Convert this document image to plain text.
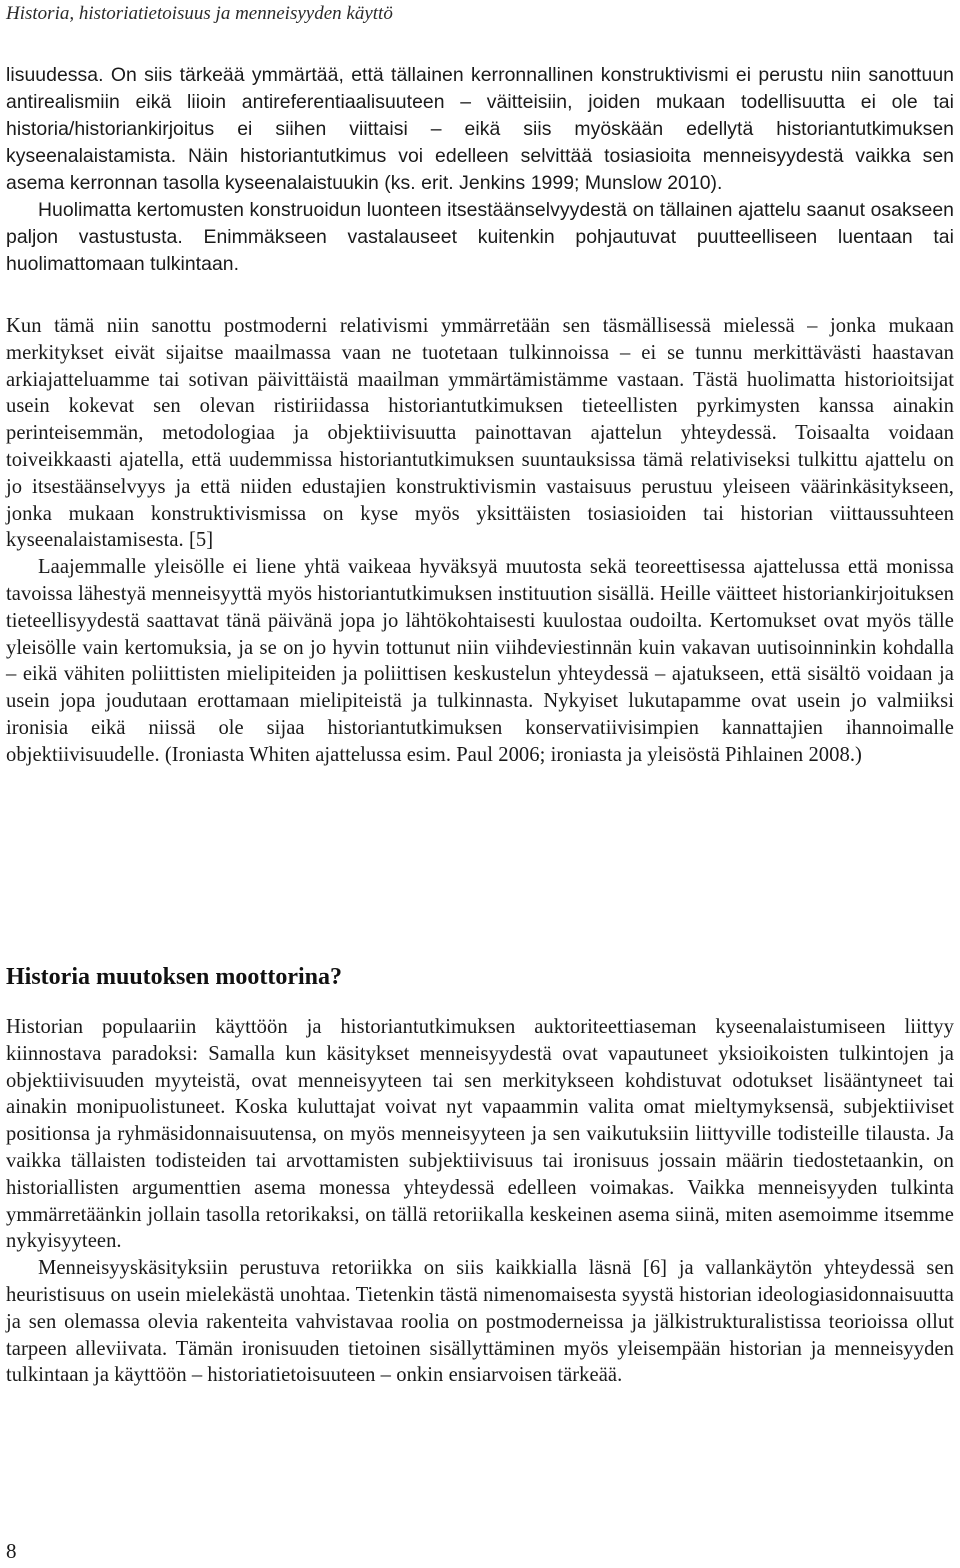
Historia, historiatietoisuus ja menneisyyden käyttö

lisuudessa. On siis tärkeää ymmärtää, että tällainen kerronnallinen konstruktivismi ei perustu niin sanottuun antirealismiin eikä liioin antireferentiaalisuuteen – väitteisiin, joiden mukaan todellisuutta ei ole tai historia/historiankirjoitus ei siihen viittaisi – eikä siis myöskään edellytä historiantutkimuksen kyseenalaistamista. Näin historiantutkimus voi edelleen selvittää tosiasioita menneisyydestä vaikka sen asema kerronnan tasolla kyseenalaistuukin (ks. erit. Jenkins 1999; Munslow 2010).

Huolimatta kertomusten konstruoidun luonteen itsestäänselvyydestä on tällainen ajattelu saanut osakseen paljon vastustusta. Enimmäkseen vastalauseet kuitenkin pohjautuvat puutteelliseen luentaan tai huolimattomaan tulkintaan.

Kun tämä niin sanottu postmoderni relativismi ymmärretään sen täsmällisessä mielessä – jonka mukaan merkitykset eivät sijaitse maailmassa vaan ne tuotetaan tulkinnoissa – ei se tunnu merkittävästi haastavan arkiajatteluamme tai sotivan päivittäistä maailman ymmärtämistämme vastaan. Tästä huolimatta historioitsijat usein kokevat sen olevan ristiriidassa historiantutkimuksen tieteellisten pyrkimysten kanssa ainakin perinteisemmän, metodologiaa ja objektiivisuutta painottavan ajattelun yhteydessä. Toisaalta voidaan toiveikkaasti ajatella, että uudemmissa historiantutkimuksen suuntauksissa tämä relativiseksi tulkittu ajattelu on jo itsestäänselvyys ja että niiden edustajien konstruktivismin vastaisuus perustuu yleiseen väärinkäsitykseen, jonka mukaan konstruktivismissa on kyse myös yksittäisten tosiasioiden tai historian viittaussuhteen kyseenalaistamisesta. [5]

Laajemmalle yleisölle ei liene yhtä vaikeaa hyväksyä muutosta sekä teoreettisessa ajattelussa että monissa tavoissa lähestyä menneisyyttä myös historiantutkimuksen instituution sisällä. Heille väitteet historiankirjoituksen tieteellisyydestä saattavat tänä päivänä jopa jo lähtökohtaisesti kuulostaa oudoilta. Kertomukset ovat myös tälle yleisölle vain kertomuksia, ja se on jo hyvin tottunut niin viihdeviestinnän kuin vakavan uutisoinninkin kohdalla – eikä vähiten poliittisten mielipiteiden ja poliittisen keskustelun yhteydessä – ajatukseen, että sisältö voidaan ja usein jopa joudutaan erottamaan mielipiteistä ja tulkinnasta. Nykyiset lukutapamme ovat usein jo valmiiksi ironisia eikä niissä ole sijaa historiantutkimuksen konservatiivisimpien kannattajien ihannoimalle objektiivisuudelle. (Ironiasta Whiten ajattelussa esim. Paul 2006; ironiasta ja yleisöstä Pihlainen 2008.)

Historia muutoksen moottorina?

Historian populaariin käyttöön ja historiantutkimuksen auktoriteettiaseman kyseenalaistumiseen liittyy kiinnostava paradoksi: Samalla kun käsitykset menneisyydestä ovat vapautuneet yksioikoisten tulkintojen ja objektiivisuuden myyteistä, ovat menneisyyteen tai sen merkitykseen kohdistuvat odotukset lisääntyneet tai ainakin monipuolistuneet. Koska kuluttajat voivat nyt vapaammin valita omat mieltymyksensä, subjektiiviset positionsa ja ryhmäsidonnaisuutensa, on myös menneisyyteen ja sen vaikutuksiin liittyville todisteille tilausta. Ja vaikka tällaisten todisteiden tai arvottamisten subjektiivisuus tai ironisuus jossain määrin tiedostetaankin, on historiallisten argumenttien asema monessa yhteydessä edelleen voimakas. Vaikka menneisyyden tulkinta ymmärretäänkin jollain tasolla retorikaksi, on tällä retoriikalla keskeinen asema siinä, miten asemoimme itsemme nykyisyyteen.

Menneisyyskäsityksiin perustuva retoriikka on siis kaikkialla läsnä [6] ja vallankäytön yhteydessä sen heuristisuus on usein mielekästä unohtaa. Tietenkin tästä nimenomaisesta syystä historian ideologiasidonnaisuutta ja sen olemassa olevia rakenteita vahvistavaa roolia on postmoderneissa ja jälkistrukturalistissa teorioissa ollut tarpeen alleviivata. Tämän ironisuuden tietoinen sisällyttäminen myös yleisempään historian ja menneisyyden tulkintaan ja käyttöön – historiatietoisuuteen – onkin ensiarvoisen tärkeää.

8
